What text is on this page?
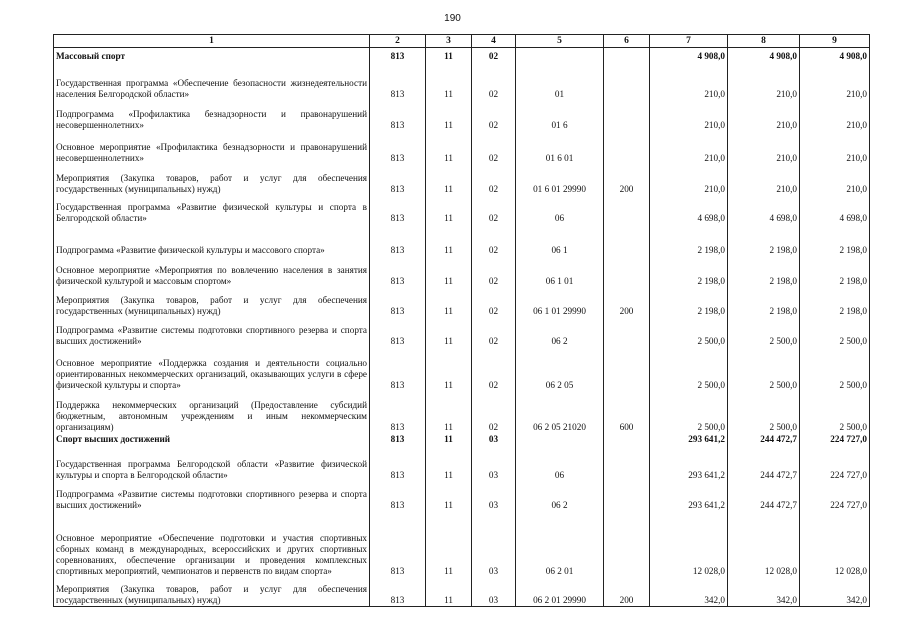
190
1	2	3	4	5	6	7	8	9
Массовый спорт	813	11	02			4 908,0	4 908,0	4 908,0
Государственная программа «Обеспечение безопасности жизнедеятельности населения Белгородской области»	813	11	02	01		210,0	210,0	210,0
Подпрограмма «Профилактика безнадзорности и правонарушений несовершеннолетних»	813	11	02	01 6		210,0	210,0	210,0
Основное мероприятие «Профилактика безнадзорности и правонарушений несовершеннолетних»	813	11	02	01 6 01		210,0	210,0	210,0
Мероприятия (Закупка товаров, работ и услуг для обеспечения государственных (муниципальных) нужд)	813	11	02	01 6 01 29990	200	210,0	210,0	210,0
Государственная программа «Развитие физической культуры и спорта в Белгородской области»	813	11	02	06		4 698,0	4 698,0	4 698,0
Подпрограмма «Развитие физической культуры и массового спорта»	813	11	02	06 1		2 198,0	2 198,0	2 198,0
Основное мероприятие «Мероприятия по вовлечению населения в занятия физической культурой и массовым спортом»	813	11	02	06 1 01		2 198,0	2 198,0	2 198,0
Мероприятия (Закупка товаров, работ и услуг для обеспечения государственных (муниципальных) нужд)	813	11	02	06 1 01 29990	200	2 198,0	2 198,0	2 198,0
Подпрограмма «Развитие системы подготовки спортивного резерва и спорта высших достижений»	813	11	02	06 2		2 500,0	2 500,0	2 500,0
Основное мероприятие «Поддержка создания и деятельности социально ориентированных некоммерческих организаций, оказывающих услуги в сфере физической культуры и спорта»	813	11	02	06 2 05		2 500,0	2 500,0	2 500,0
Поддержка некоммерческих организаций (Предоставление субсидий бюджетным, автономным учреждениям и иным некоммерческим организациям)	813	11	02	06 2 05 21020	600	2 500,0	2 500,0	2 500,0
Спорт высших достижений	813	11	03			293 641,2	244 472,7	224 727,0
Государственная программа Белгородской области «Развитие физической культуры и спорта в Белгородской области»	813	11	03	06		293 641,2	244 472,7	224 727,0
Подпрограмма «Развитие системы подготовки спортивного резерва и спорта высших достижений»	813	11	03	06 2		293 641,2	244 472,7	224 727,0
Основное мероприятие «Обеспечение подготовки и участия спортивных сборных команд в международных, всероссийских и других спортивных соревнованиях, обеспечение организации и проведения комплексных спортивных мероприятий, чемпионатов и первенств по видам спорта»	813	11	03	06 2 01		12 028,0	12 028,0	12 028,0
Мероприятия (Закупка товаров, работ и услуг для обеспечения государственных (муниципальных) нужд)	813	11	03	06 2 01 29990	200	342,0	342,0	342,0
